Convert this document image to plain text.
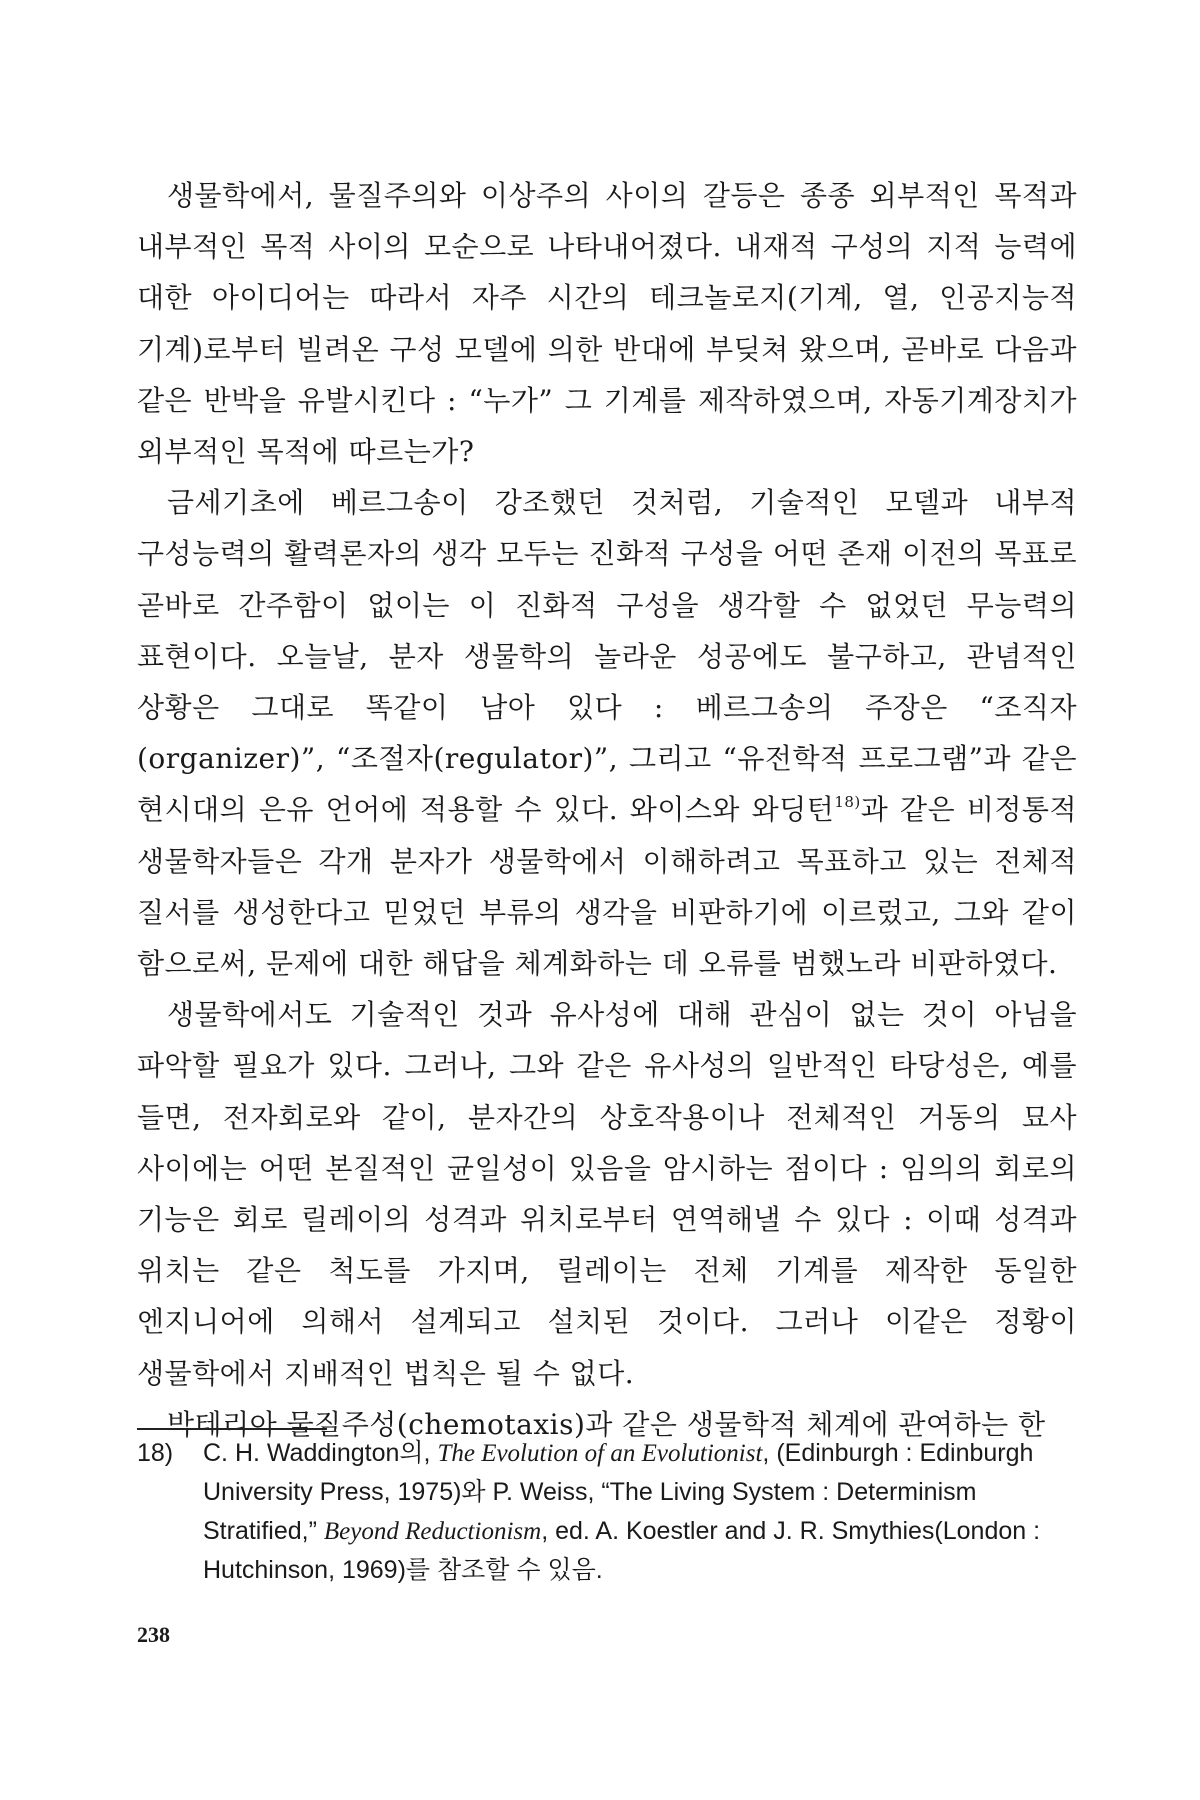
생물학에서, 물질주의와 이상주의 사이의 갈등은 종종 외부적인 목적과 내부적인 목적 사이의 모순으로 나타내어졌다. 내재적 구성의 지적 능력에 대한 아이디어는 따라서 자주 시간의 테크놀로지(기계, 열, 인공지능적 기계)로부터 빌려온 구성 모델에 의한 반대에 부딪쳐 왔으며, 곧바로 다음과 같은 반박을 유발시킨다 : “누가” 그 기계를 제작하였으며, 자동기계장치가 외부적인 목적에 따르는가?

금세기초에 베르그송이 강조했던 것처럼, 기술적인 모델과 내부적 구성능력의 활력론자의 생각 모두는 진화적 구성을 어떤 존재 이전의 목표로 곧바로 간주함이 없이는 이 진화적 구성을 생각할 수 없었던 무능력의 표현이다. 오늘날, 분자 생물학의 놀라운 성공에도 불구하고, 관념적인 상황은 그대로 똑같이 남아 있다 : 베르그송의 주장은 “조직자(organizer)”, “조절자(regulator)”, 그리고 “유전학적 프로그램”과 같은 현시대의 은유 언어에 적용할 수 있다. 와이스와 와딩턴$^{18)}$과 같은 비정통적 생물학자들은 각개 분자가 생물학에서 이해하려고 목표하고 있는 전체적 질서를 생성한다고 믿었던 부류의 생각을 비판하기에 이르렀고, 그와 같이 함으로써, 문제에 대한 해답을 체계화하는 데 오류를 범했노라 비판하였다.

생물학에서도 기술적인 것과 유사성에 대해 관심이 없는 것이 아님을 파악할 필요가 있다. 그러나, 그와 같은 유사성의 일반적인 타당성은, 예를 들면, 전자회로와 같이, 분자간의 상호작용이나 전체적인 거동의 묘사 사이에는 어떤 본질적인 균일성이 있음을 암시하는 점이다 : 임의의 회로의 기능은 회로 릴레이의 성격과 위치로부터 연역해낼 수 있다 : 이때 성격과 위치는 같은 척도를 가지며, 릴레이는 전체 기계를 제작한 동일한 엔지니어에 의해서 설계되고 설치된 것이다. 그러나 이같은 정황이 생물학에서 지배적인 법칙은 될 수 없다.

박테리아 물질주성(chemotaxis)과 같은 생물학적 체계에 관여하는 한

18) C. H. Waddington의, The Evolution of an Evolutionist, (Edinburgh : Edinburgh University Press, 1975)와 P. Weiss, “The Living System : Determinism Stratified,” Beyond Reductionism, ed. A. Koestler and J. R. Smythies(London : Hutchinson, 1969)를 참조할 수 있음.
238
